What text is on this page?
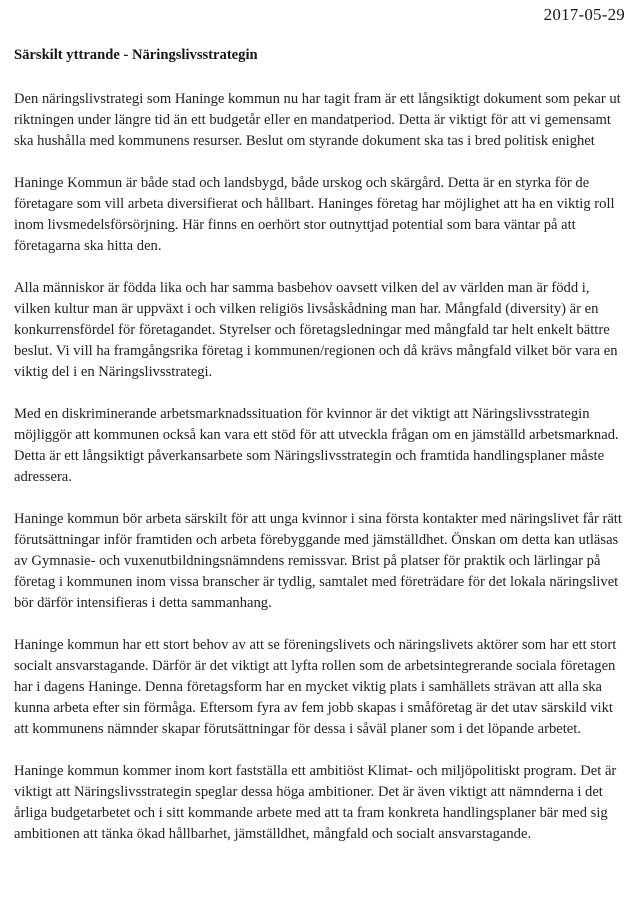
2017-05-29
Särskilt yttrande - Näringslivsstrategin

Den näringslivstrategi som Haninge kommun nu har tagit fram är ett långsiktigt dokument som pekar ut riktningen under längre tid än ett budgetår eller en mandatperiod. Detta är viktigt för att vi gemensamt ska hushålla med kommunens resurser. Beslut om styrande dokument ska tas i bred politisk enighet

Haninge Kommun är både stad och landsbygd, både urskog och skärgård. Detta är en styrka för de företagare som vill arbeta diversifierat och hållbart. Haninges företag har möjlighet att ha en viktig roll inom livsmedelsförsörjning. Här finns en oerhört stor outnyttjad potential som bara väntar på att företagarna ska hitta den.

Alla människor är födda lika och har samma basbehov oavsett vilken del av världen man är född i, vilken kultur man är uppväxt i och vilken religiös livsåskådning man har. Mångfald (diversity) är en konkurrensfördel för företagandet. Styrelser och företagsledningar med mångfald tar helt enkelt bättre beslut. Vi vill ha framgångsrika företag i kommunen/regionen och då krävs mångfald vilket bör vara en viktig del i en Näringslivsstrategi.

Med en diskriminerande arbetsmarknadssituation för kvinnor är det viktigt att Näringslivsstrategin möjliggör att kommunen också kan vara ett stöd för att utveckla frågan om en jämställd arbetsmarknad. Detta är ett långsiktigt påverkansarbete som Näringslivsstrategin och framtida handlingsplaner måste adressera.

Haninge kommun bör arbeta särskilt för att unga kvinnor i sina första kontakter med näringslivet får rätt förutsättningar inför framtiden och arbeta förebyggande med jämställdhet. Önskan om detta kan utläsas av Gymnasie- och vuxenutbildningsnämndens remissvar. Brist på platser för praktik och lärlingar på företag i kommunen inom vissa branscher är tydlig, samtalet med företrädare för det lokala näringslivet bör därför intensifieras i detta sammanhang.

Haninge kommun har ett stort behov av att se föreningslivets och näringslivets aktörer som har ett stort socialt ansvarstagande. Därför är det viktigt att lyfta rollen som de arbetsintegrerande sociala företagen har i dagens Haninge. Denna företagsform har en mycket viktig plats i samhällets strävan att alla ska kunna arbeta efter sin förmåga. Eftersom fyra av fem jobb skapas i småföretag är det utav särskild vikt att kommunens nämnder skapar förutsättningar för dessa i såväl planer som i det löpande arbetet.

Haninge kommun kommer inom kort fastställa ett ambitiöst Klimat- och miljöpolitiskt program. Det är viktigt att Näringslivsstrategin speglar dessa höga ambitioner. Det är även viktigt att nämnderna i det årliga budgetarbetet och i sitt kommande arbete med att ta fram konkreta handlingsplaner bär med sig ambitionen att tänka ökad hållbarhet, jämställdhet, mångfald och socialt ansvarstagande.
